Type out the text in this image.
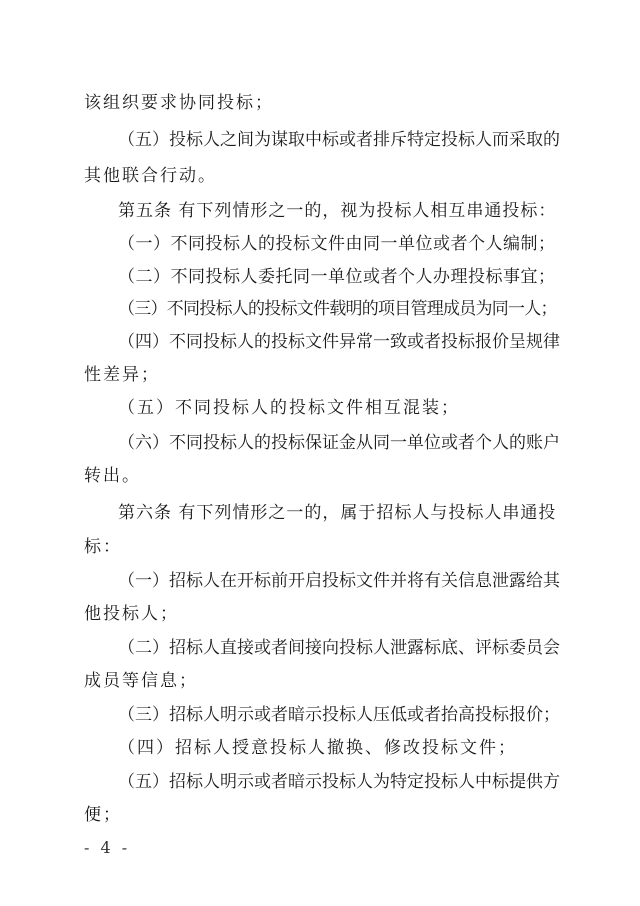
该组织要求协同投标；
（五）投标人之间为谋取中标或者排斥特定投标人而采取的
其他联合行动。
第五条 有下列情形之一的，视为投标人相互串通投标：
（一）不同投标人的投标文件由同一单位或者个人编制；
（二）不同投标人委托同一单位或者个人办理投标事宜；
（三）不同投标人的投标文件载明的项目管理成员为同一人；
（四）不同投标人的投标文件异常一致或者投标报价呈规律
性差异；
（五）不同投标人的投标文件相互混装；
（六）不同投标人的投标保证金从同一单位或者个人的账户
转出。
第六条 有下列情形之一的，属于招标人与投标人串通投
标：
（一）招标人在开标前开启投标文件并将有关信息泄露给其
他投标人；
（二）招标人直接或者间接向投标人泄露标底、评标委员会
成员等信息；
（三）招标人明示或者暗示投标人压低或者抬高投标报价；
（四）招标人授意投标人撤换、修改投标文件；
（五）招标人明示或者暗示投标人为特定投标人中标提供方
便；
- 4 -
